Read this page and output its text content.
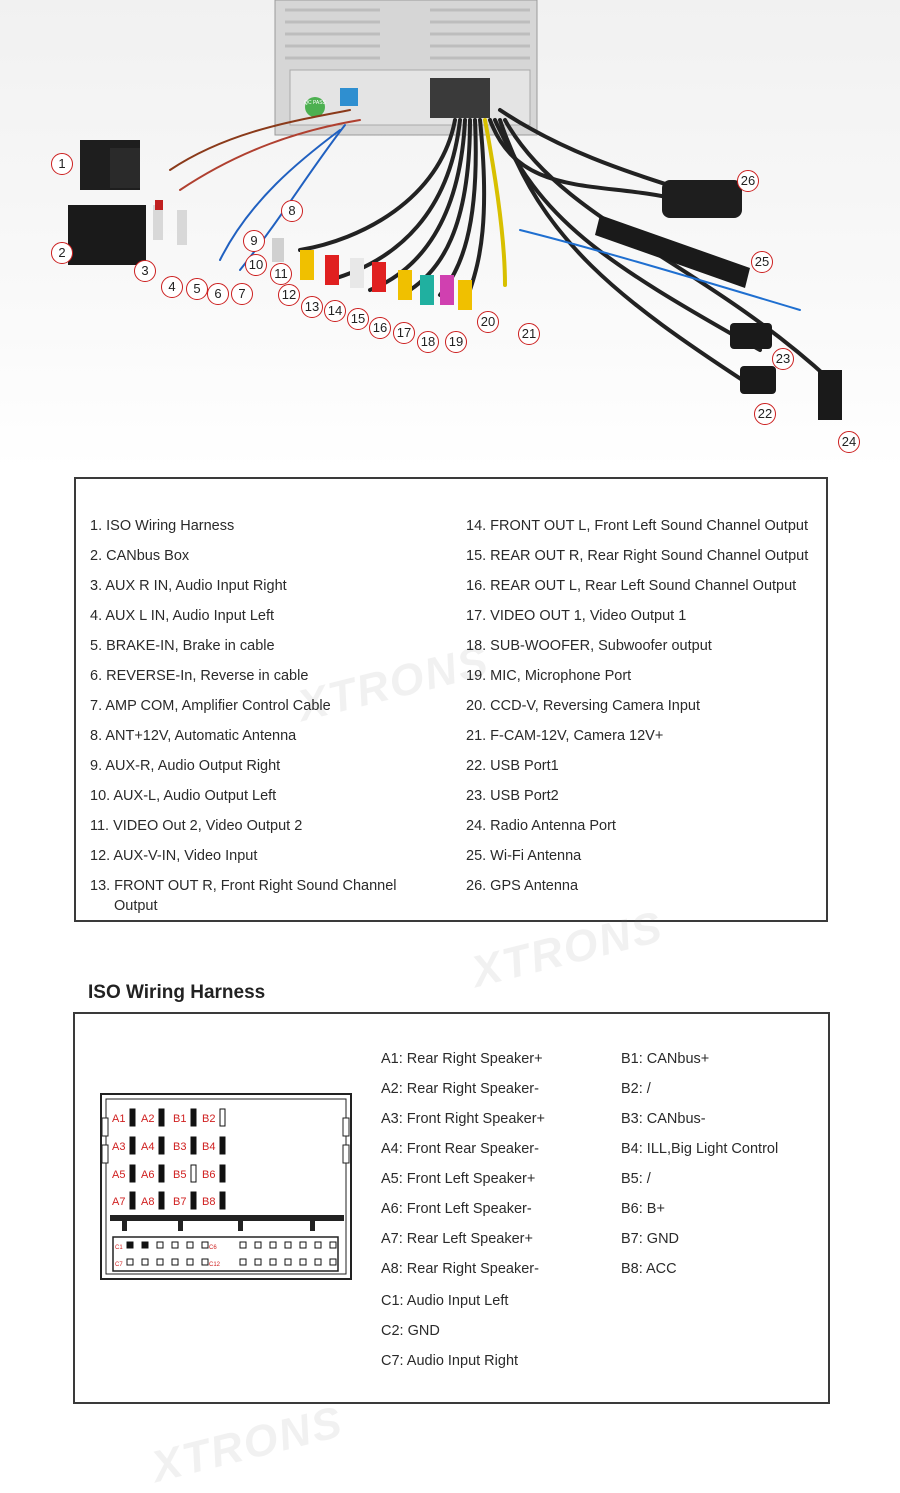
QC PASS
1
2
3
4	5	6	7
8
9
10
11
12
13 14
15
16 17
18 19
20
21
22
23
24
25
26
XTRONS
1. ISO Wiring Harness
2. CANbus Box
3. AUX R IN, Audio Input Right
4. AUX L IN, Audio Input Left
5. BRAKE-IN, Brake in cable
6. REVERSE-In, Reverse in cable
7. AMP COM, Amplifier Control Cable
8. ANT+12V, Automatic Antenna
9. AUX-R, Audio Output Right
10. AUX-L, Audio Output Left
11. VIDEO Out 2, Video Output 2
12. AUX-V-IN, Video Input
13. FRONT OUT R, Front Right Sound Channel Output
14. FRONT OUT L, Front Left Sound Channel Output
15. REAR OUT R, Rear Right Sound Channel Output
16. REAR OUT L, Rear Left Sound Channel Output
17. VIDEO OUT 1, Video Output 1
18. SUB-WOOFER, Subwoofer output
19. MIC, Microphone Port
20. CCD-V, Reversing Camera Input
21. F-CAM-12V, Camera 12V+
22. USB Port1
23. USB Port2
24. Radio Antenna Port
25. Wi-Fi Antenna
26. GPS Antenna
ISO Wiring Harness
A1: Rear Right Speaker+
A2: Rear Right Speaker-
A3: Front Right Speaker+
A4: Front Rear Speaker-
A5: Front Left Speaker+
A6: Front Left Speaker-
A7: Rear Left Speaker+
A8: Rear Right Speaker-
B1: CANbus+
B2: /
B3: CANbus-
B4: ILL,Big Light Control
B5: /
B6: B+
B7: GND
B8: ACC
C1: Audio Input Left
C2: GND
C7: Audio Input Right
A1 A2 B1 B2
A3 A4 B3 B4
A5 A6 B5 B6
A7 A8 B7 B8
C1	C6
C7	C12
XTRONS
XTRONS
